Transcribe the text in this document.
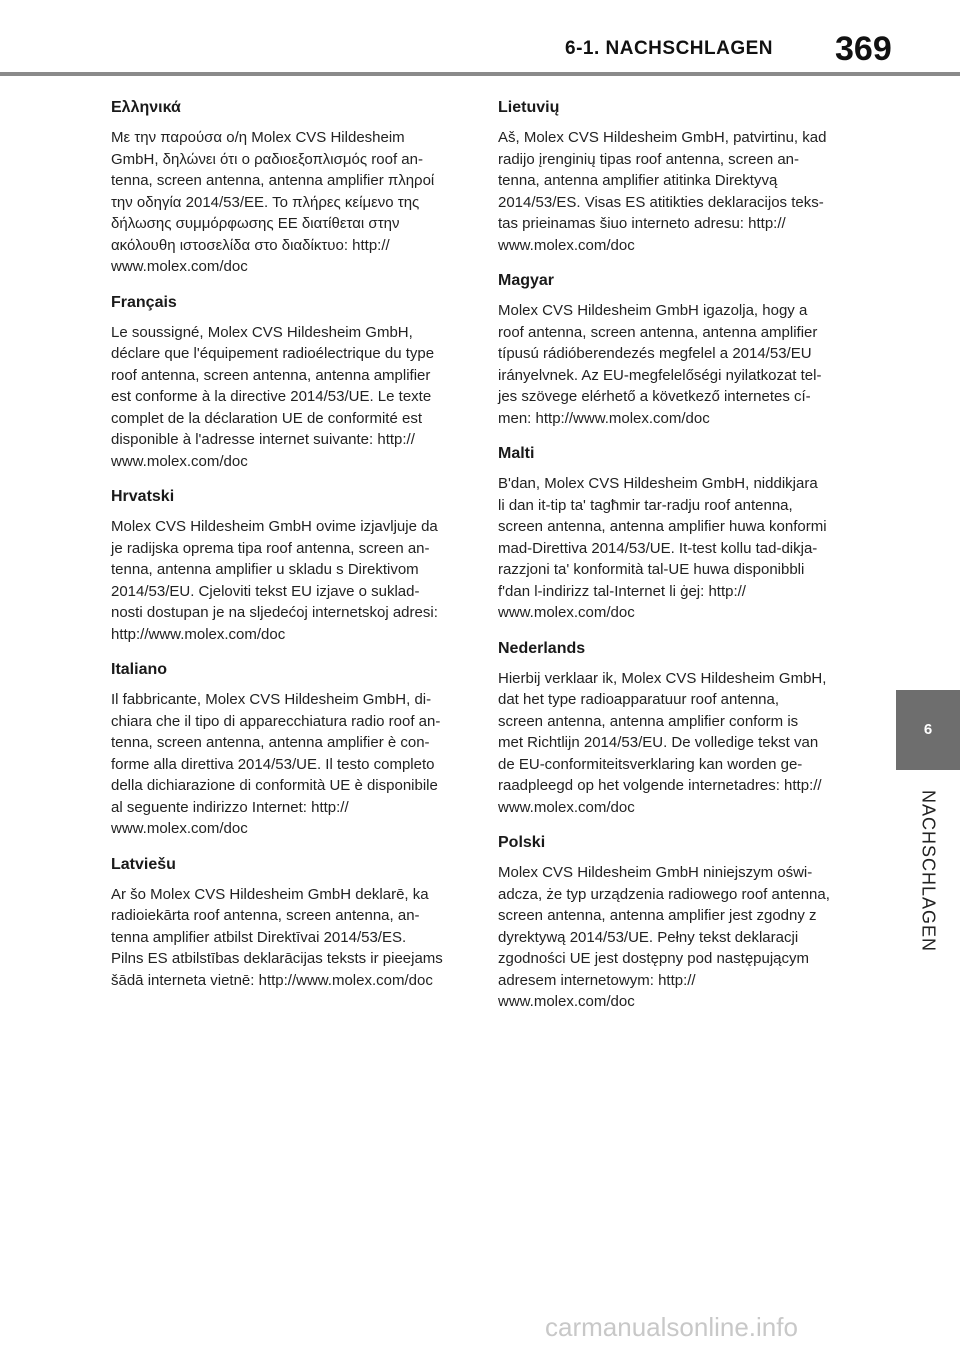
6-1. NACHSCHLAGEN 369
Ελληνικά

Με την παρούσα ο/η Molex CVS Hildesheim
GmbH, δηλώνει ότι ο ραδιοεξοπλισμός roof an-
tenna, screen antenna, antenna amplifier πληροί
την οδηγία 2014/53/ΕΕ. Το πλήρες κείμενο της
δήλωσης συμμόρφωσης ΕΕ διατίθεται στην
ακόλουθη ιστοσελίδα στο διαδίκτυο: http://
www.molex.com/doc

Français

Le soussigné, Molex CVS Hildesheim GmbH,
déclare que l'équipement radioélectrique du type
roof antenna, screen antenna, antenna amplifier
est conforme à la directive 2014/53/UE. Le texte
complet de la déclaration UE de conformité est
disponible à l'adresse internet suivante: http://
www.molex.com/doc

Hrvatski

Molex CVS Hildesheim GmbH ovime izjavljuje da
je radijska oprema tipa roof antenna, screen an-
tenna, antenna amplifier u skladu s Direktivom
2014/53/EU. Cjeloviti tekst EU izjave o suklad-
nosti dostupan je na sljedećoj internetskoj adresi:
http://www.molex.com/doc

Italiano

Il fabbricante, Molex CVS Hildesheim GmbH, di-
chiara che il tipo di apparecchiatura radio roof an-
tenna, screen antenna, antenna amplifier è con-
forme alla direttiva 2014/53/UE. Il testo completo
della dichiarazione di conformità UE è disponibile
al seguente indirizzo Internet: http://
www.molex.com/doc

Latviešu

Ar šo Molex CVS Hildesheim GmbH deklarē, ka
radioiekārta roof antenna, screen antenna, an-
tenna amplifier atbilst Direktīvai 2014/53/ES.
Pilns ES atbilstības deklarācijas teksts ir pieejams
šādā interneta vietnē: http://www.molex.com/doc

Lietuvių

Aš, Molex CVS Hildesheim GmbH, patvirtinu, kad
radijo įrenginių tipas roof antenna, screen an-
tenna, antenna amplifier atitinka Direktyvą
2014/53/ES. Visas ES atitikties deklaracijos teks-
tas prieinamas šiuo interneto adresu: http://
www.molex.com/doc

Magyar

Molex CVS Hildesheim GmbH igazolja, hogy a
roof antenna, screen antenna, antenna amplifier
típusú rádióberendezés megfelel a 2014/53/EU
irányelvnek. Az EU-megfelelőségi nyilatkozat tel-
jes szövege elérhető a következő internetes cí-
men: http://www.molex.com/doc

Malti

B'dan, Molex CVS Hildesheim GmbH, niddikjara
li dan it-tip ta' tagħmir tar-radju roof antenna,
screen antenna, antenna amplifier huwa konformi
mad-Direttiva 2014/53/UE. It-test kollu tad-dikja-
razzjoni ta' konformità tal-UE huwa disponibbli
f'dan l-indirizz tal-Internet li ġej: http://
www.molex.com/doc

Nederlands

Hierbij verklaar ik, Molex CVS Hildesheim GmbH,
dat het type radioapparatuur roof antenna,
screen antenna, antenna amplifier conform is
met Richtlijn 2014/53/EU. De volledige tekst van
de EU-conformiteitsverklaring kan worden ge-
raadpleegd op het volgende internetadres: http://
www.molex.com/doc

Polski

Molex CVS Hildesheim GmbH niniejszym oświ-
adcza, że typ urządzenia radiowego roof antenna,
screen antenna, antenna amplifier jest zgodny z
dyrektywą 2014/53/UE. Pełny tekst deklaracji
zgodności UE jest dostępny pod następującym
adresem internetowym: http://
www.molex.com/doc

6
NACHSCHLAGEN
carmanualsonline.info
